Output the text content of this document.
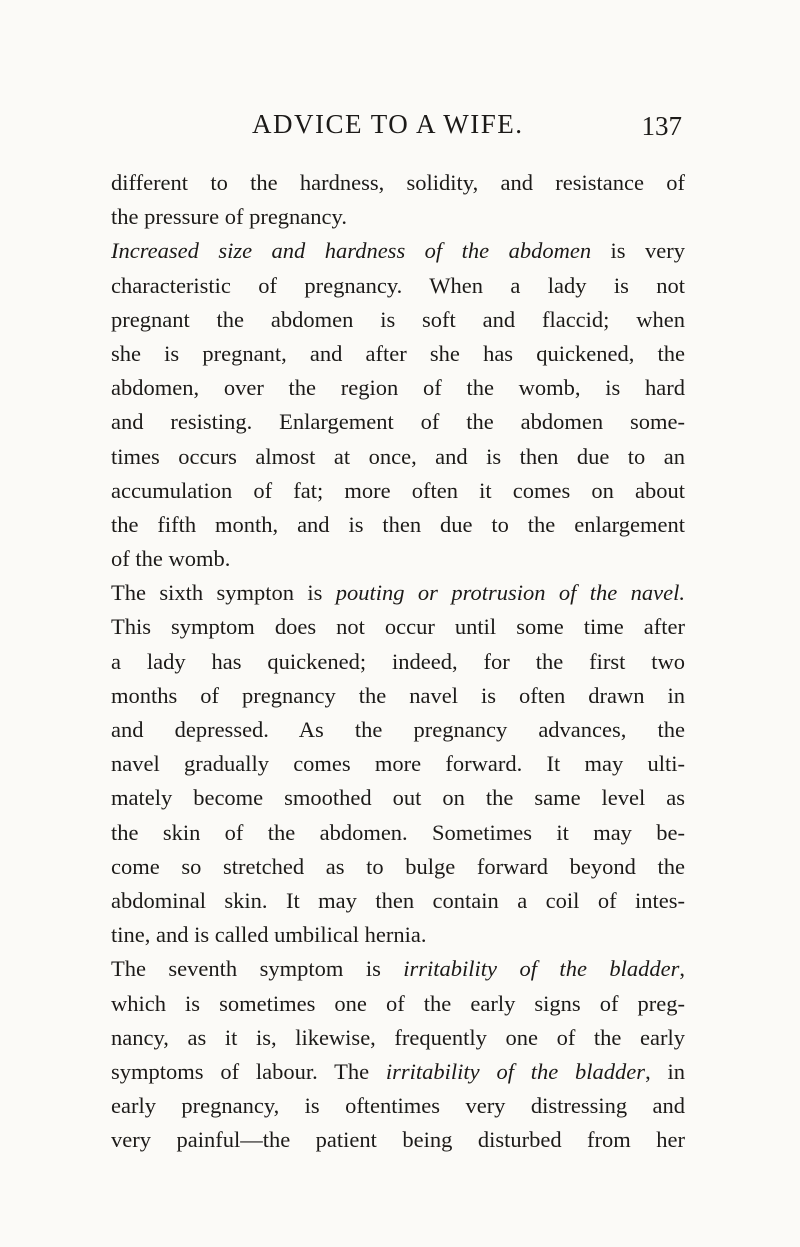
ADVICE TO A WIFE.	137
different to the hardness, solidity, and resistance of
the pressure of pregnancy.
Increased size and hardness of the abdomen is very
characteristic of pregnancy. When a lady is not
pregnant the abdomen is soft and flaccid; when
she is pregnant, and after she has quickened, the
abdomen, over the region of the womb, is hard
and resisting. Enlargement of the abdomen some-
times occurs almost at once, and is then due to an
accumulation of fat; more often it comes on about
the fifth month, and is then due to the enlargement
of the womb.
The sixth sympton is pouting or protrusion of the navel.
This symptom does not occur until some time after
a lady has quickened; indeed, for the first two
months of pregnancy the navel is often drawn in
and depressed. As the pregnancy advances, the
navel gradually comes more forward. It may ulti-
mately become smoothed out on the same level as
the skin of the abdomen. Sometimes it may be-
come so stretched as to bulge forward beyond the
abdominal skin. It may then contain a coil of intes-
tine, and is called umbilical hernia.
The seventh symptom is irritability of the bladder,
which is sometimes one of the early signs of preg-
nancy, as it is, likewise, frequently one of the early
symptoms of labour. The irritability of the bladder, in
early pregnancy, is oftentimes very distressing and
very painful—the patient being disturbed from her
